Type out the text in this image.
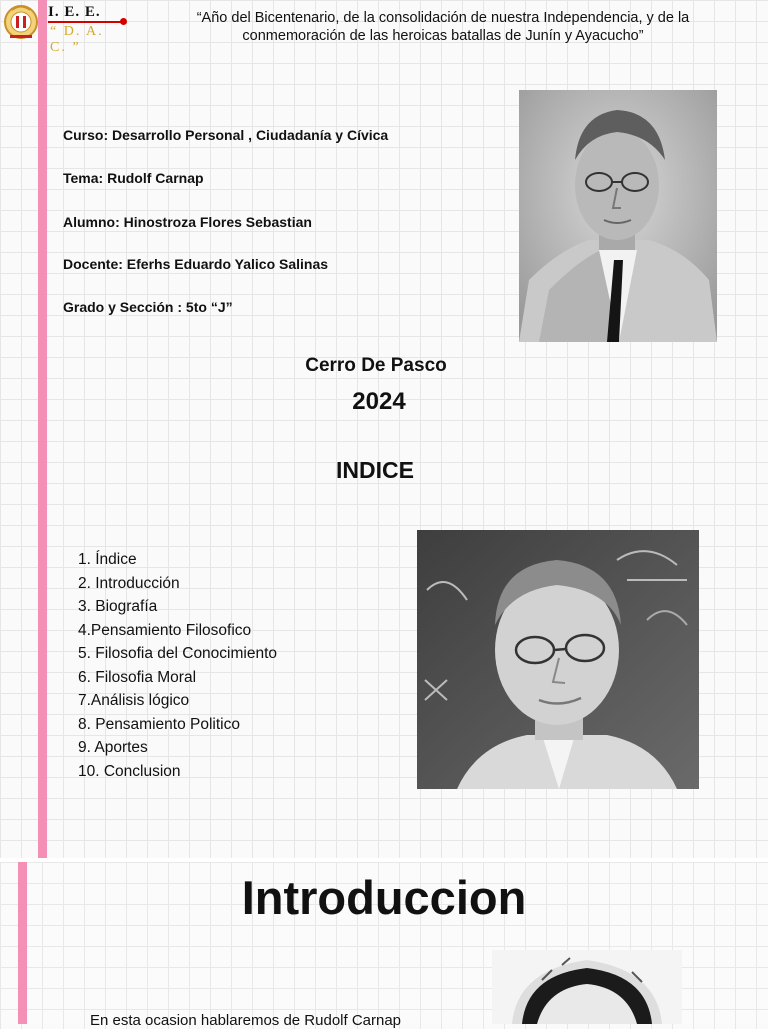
I. E. E.
“ D. A. C. ”
“Año del Bicentenario, de la consolidación de nuestra Independencia, y de la conmemoración de las heroicas batallas de Junín y Ayacucho”
Curso: Desarrollo Personal , Ciudadanía y Cívica
Tema: Rudolf Carnap
Alumno: Hinostroza Flores Sebastian
Docente: Eferhs Eduardo Yalico Salinas
Grado y Sección : 5to “J”
Cerro De Pasco
2024
INDICE
1. Índice
2. Introducción
3. Biografía
4.Pensamiento Filosofico
5. Filosofia del Conocimiento
6. Filosofia Moral
7.Análisis lógico
8. Pensamiento Politico
9. Aportes
10. Conclusion
Introduccion
En esta ocasion hablaremos de Rudolf Carnap
